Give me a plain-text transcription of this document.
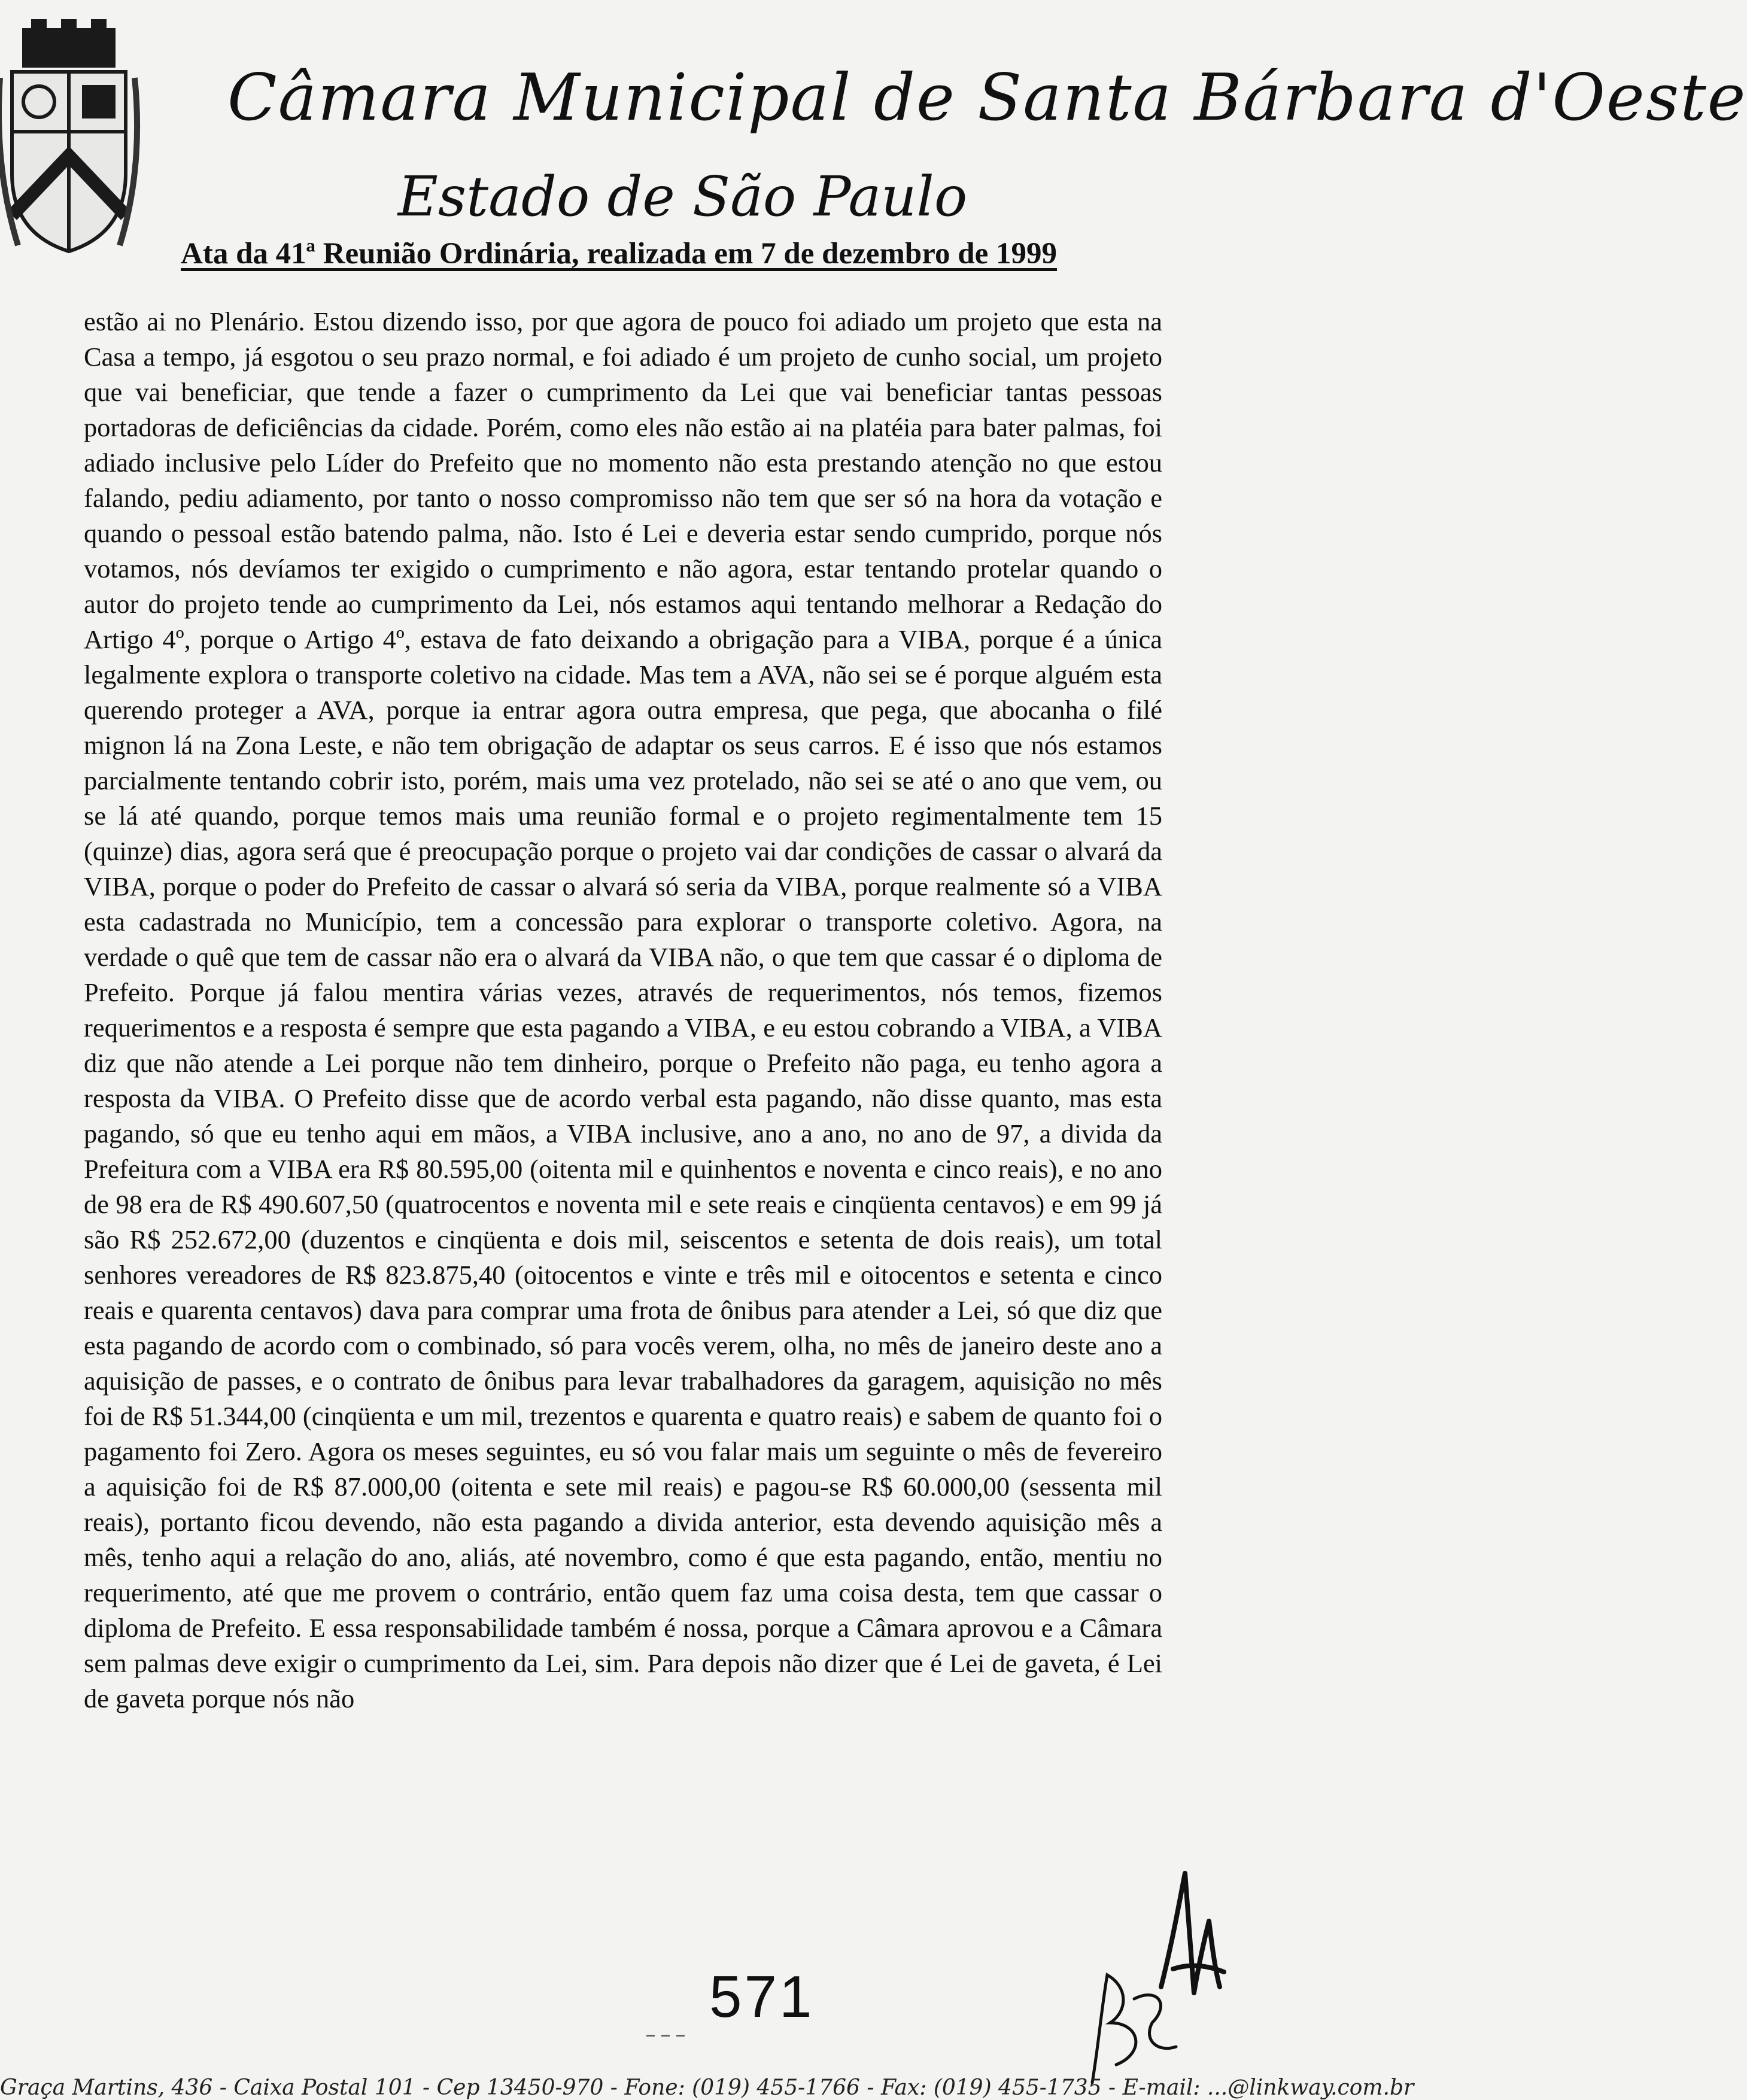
Câmara Municipal de Santa Bárbara d'Oeste
Estado de São Paulo
Ata da 41ª Reunião Ordinária, realizada em 7 de dezembro de 1999
estão ai no Plenário. Estou dizendo isso, por que agora de pouco foi adiado um projeto que esta na Casa a tempo, já esgotou o seu prazo normal, e foi adiado é um projeto de cunho social, um projeto que vai beneficiar, que tende a fazer o cumprimento da Lei que vai beneficiar tantas pessoas portadoras de deficiências da cidade. Porém, como eles não estão ai na platéia para bater palmas, foi adiado inclusive pelo Líder do Prefeito que no momento não esta prestando atenção no que estou falando, pediu adiamento, por tanto o nosso compromisso não tem que ser só na hora da votação e quando o pessoal estão batendo palma, não. Isto é Lei e deveria estar sendo cumprido, porque nós votamos, nós devíamos ter exigido o cumprimento e não agora, estar tentando protelar quando o autor do projeto tende ao cumprimento da Lei, nós estamos aqui tentando melhorar a Redação do Artigo 4º, porque o Artigo 4º, estava de fato deixando a obrigação para a VIBA, porque é a única legalmente explora o transporte coletivo na cidade. Mas tem a AVA, não sei se é porque alguém esta querendo proteger a AVA, porque ia entrar agora outra empresa, que pega, que abocanha o filé mignon lá na Zona Leste, e não tem obrigação de adaptar os seus carros. E é isso que nós estamos parcialmente tentando cobrir isto, porém, mais uma vez protelado, não sei se até o ano que vem, ou se lá até quando, porque temos mais uma reunião formal e o projeto regimentalmente tem 15 (quinze) dias, agora será que é preocupação porque o projeto vai dar condições de cassar o alvará da VIBA, porque o poder do Prefeito de cassar o alvará só seria da VIBA, porque realmente só a VIBA esta cadastrada no Município, tem a concessão para explorar o transporte coletivo. Agora, na verdade o quê que tem de cassar não era o alvará da VIBA não, o que tem que cassar é o diploma de Prefeito. Porque já falou mentira várias vezes, através de requerimentos, nós temos, fizemos requerimentos e a resposta é sempre que esta pagando a VIBA, e eu estou cobrando a VIBA, a VIBA diz que não atende a Lei porque não tem dinheiro, porque o Prefeito não paga, eu tenho agora a resposta da VIBA. O Prefeito disse que de acordo verbal esta pagando, não disse quanto, mas esta pagando, só que eu tenho aqui em mãos, a VIBA inclusive, ano a ano, no ano de 97, a divida da Prefeitura com a VIBA era R$ 80.595,00 (oitenta mil e quinhentos e noventa e cinco reais), e no ano de 98 era de R$ 490.607,50 (quatrocentos e noventa mil e sete reais e cinqüenta centavos) e em 99 já são R$ 252.672,00 (duzentos e cinqüenta e dois mil, seiscentos e setenta de dois reais), um total senhores vereadores de R$ 823.875,40 (oitocentos e vinte e três mil e oitocentos e setenta e cinco reais e quarenta centavos) dava para comprar uma frota de ônibus para atender a Lei, só que diz que esta pagando de acordo com o combinado, só para vocês verem, olha, no mês de janeiro deste ano a aquisição de passes, e o contrato de ônibus para levar trabalhadores da garagem, aquisição no mês foi de R$ 51.344,00 (cinqüenta e um mil, trezentos e quarenta e quatro reais) e sabem de quanto foi o pagamento foi Zero. Agora os meses seguintes, eu só vou falar mais um seguinte o mês de fevereiro a aquisição foi de R$ 87.000,00 (oitenta e sete mil reais) e pagou-se R$ 60.000,00 (sessenta mil reais), portanto ficou devendo, não esta pagando a divida anterior, esta devendo aquisição mês a mês, tenho aqui a relação do ano, aliás, até novembro, como é que esta pagando, então, mentiu no requerimento, até que me provem o contrário, então quem faz uma coisa desta, tem que cassar o diploma de Prefeito. E essa responsabilidade também é nossa, porque a Câmara aprovou e a Câmara sem palmas deve exigir o cumprimento da Lei, sim. Para depois não dizer que é Lei de gaveta, é Lei de gaveta porque nós não
571
Graça Martins, 436 - Caixa Postal 101 - Cep 13450-970 - Fone: (019) 455-1766 - Fax: (019) 455-1735 - E-mail: ...@linkway.com.br
